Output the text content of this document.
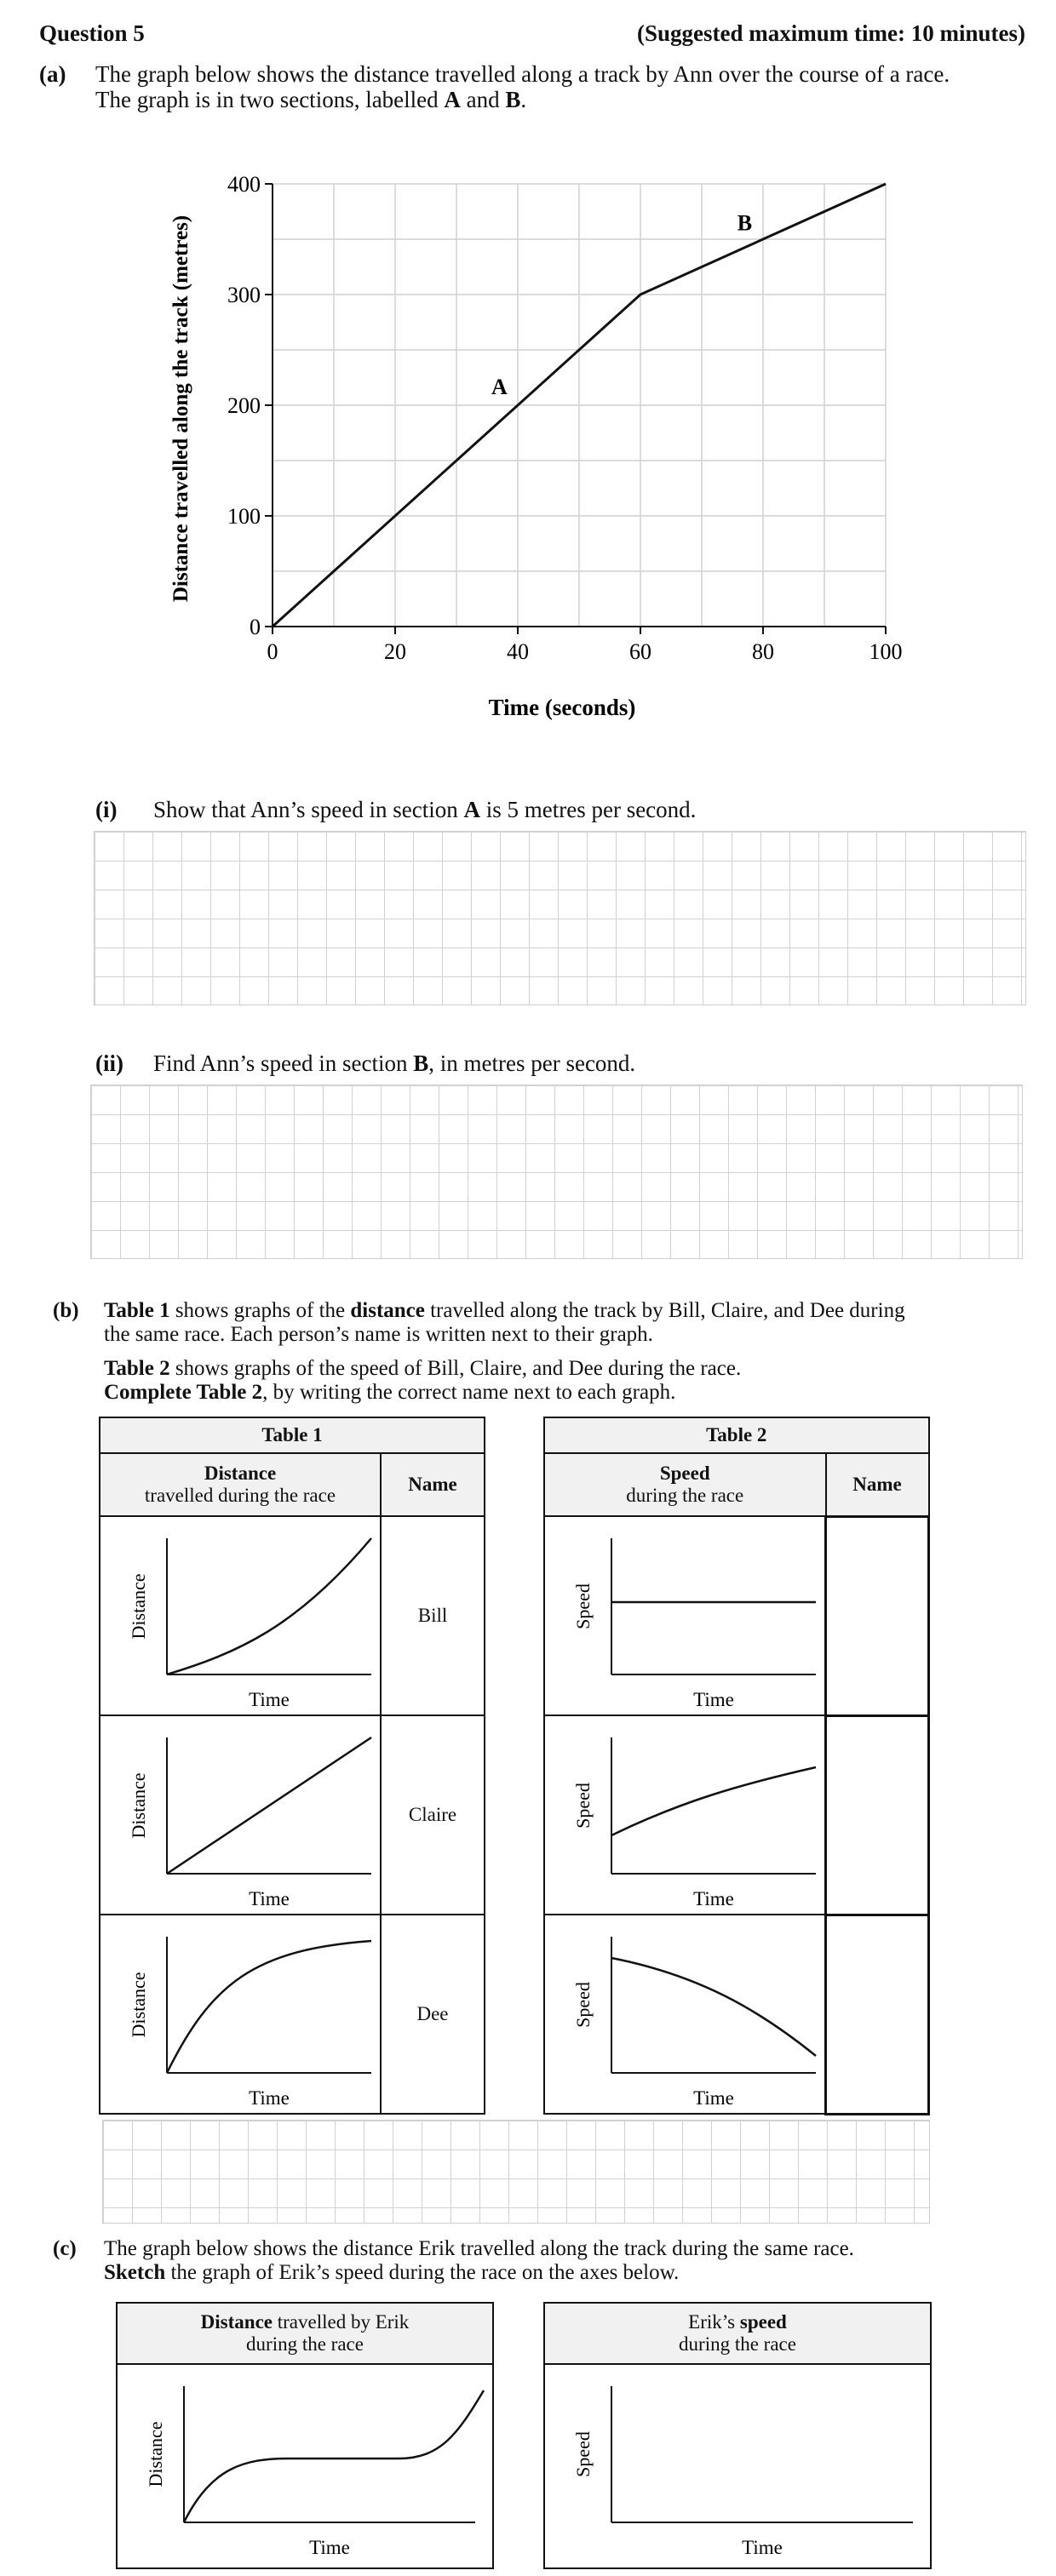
Question 5	(Suggested maximum time: 10 minutes)
(a) The graph below shows the distance travelled along a track by Ann over the course of a race.
The graph is in two sections, labelled A and B.
0	20	40	60	80	100
0
100
200
300
400
A
B
Time (seconds)
Distance travelled along the track (metres)
(i) Show that Ann’s speed in section A is 5 metres per second.
(ii) Find Ann’s speed in section B, in metres per second.
(b) Table 1 shows graphs of the distance travelled along the track by Bill, Claire, and Dee during
the same race. Each person’s name is written next to their graph.
Table 2 shows graphs of the speed of Bill, Claire, and Dee during the race.
Complete Table 2, by writing the correct name next to each graph.
Table 1	
Distance
travelled during the race	Name

Distance
Time	Bill

Distance
Time	Claire

Distance
Time	Dee
Table 2	
Speed
during the race	Name

Speed
Time	

Speed
Time	

Speed
Time	

(c) The graph below shows the distance Erik travelled along the track during the same race.
Sketch the graph of Erik’s speed during the race on the axes below.
Distance travelled by Erik
during the race

Distance
Time
Erik’s speed
during the race

Speed
Time
